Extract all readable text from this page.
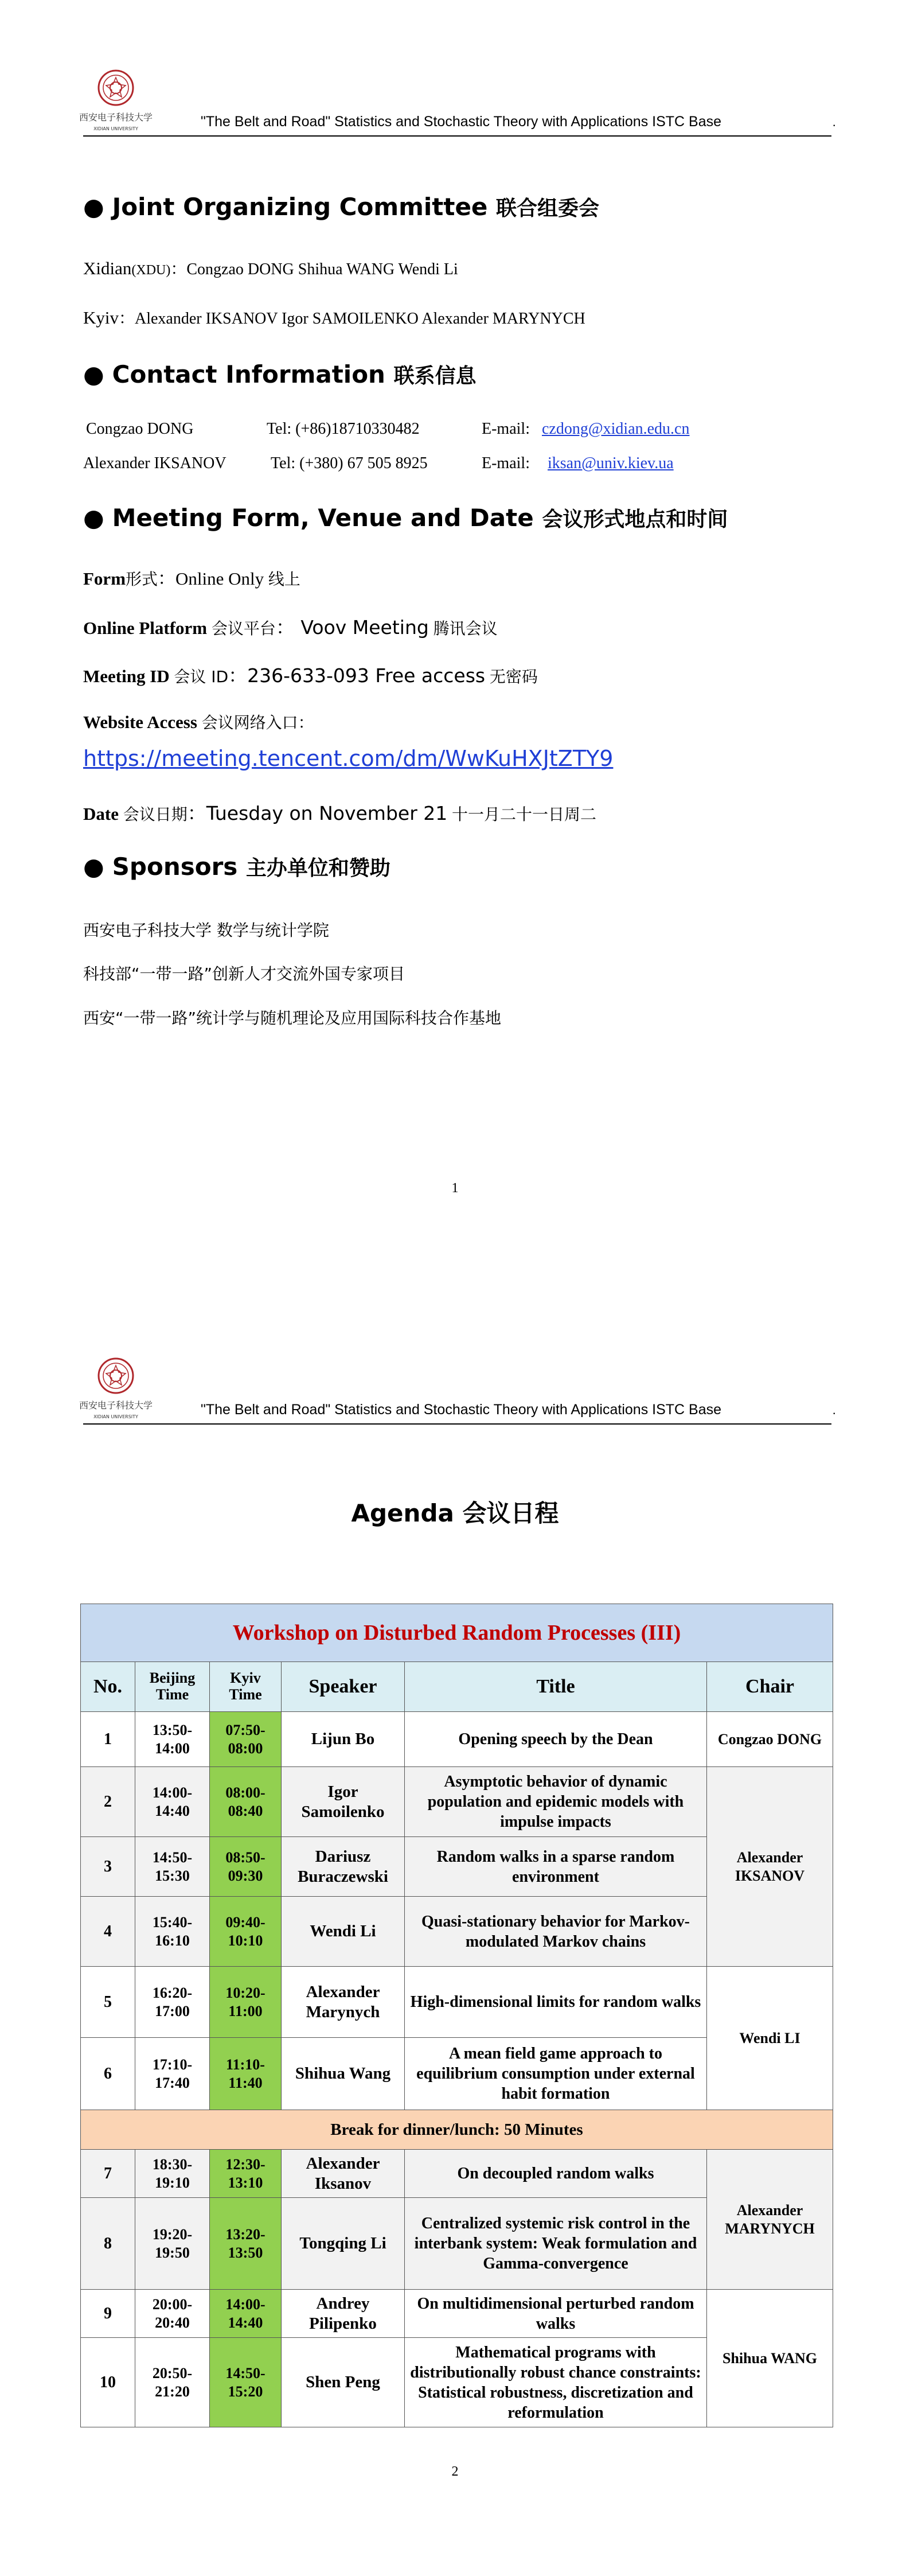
西安电子科技大学
XIDIAN UNIVERSITY	"The Belt and Road" Statistics and Stochastic Theory with Applications ISTC Base	.
● Joint Organizing Committee 联合组委会
Xidian(XDU)：Congzao DONG Shihua WANG Wendi Li
Kyiv：Alexander IKSANOV Igor SAMOILENKO Alexander MARYNYCH
● Contact Information 联系信息
Congzao DONG	Tel: (+86)18710330482	E-mail: czdong@xidian.edu.cn
Alexander IKSANOV	Tel: (+380) 67 505 8925	E-mail: iksan@univ.kiev.ua
● Meeting Form, Venue and Date 会议形式地点和时间
Form形式：Online Only 线上
Online Platform 会议平台： Voov Meeting 腾讯会议
Meeting ID 会议 ID：236-633-093 Free access 无密码
Website Access 会议网络入口：
https://meeting.tencent.com/dm/WwKuHXJtZTY9
Date 会议日期：Tuesday on November 21 十一月二十一日周二
● Sponsors 主办单位和赞助
西安电子科技大学 数学与统计学院
科技部“一带一路”创新人才交流外国专家项目
西安“一带一路”统计学与随机理论及应用国际科技合作基地
1
西安电子科技大学
XIDIAN UNIVERSITY	"The Belt and Road" Statistics and Stochastic Theory with Applications ISTC Base	.
Agenda 会议日程
Workshop on Disturbed Random Processes (III)					
No.	Beijing Time	Kyiv Time	Speaker	Title	Chair
1	13:50-14:00	07:50-08:00	Lijun Bo	Opening speech by the Dean	Congzao DONG
2	14:00-14:40	08:00-08:40	Igor Samoilenko	Asymptotic behavior of dynamic population and epidemic models with impulse impacts	Alexander IKSANOV
3	14:50-15:30	08:50-09:30	Dariusz Buraczewski	Random walks in a sparse random environment	
4	15:40-16:10	09:40-10:10	Wendi Li	Quasi-stationary behavior for Markov-modulated Markov chains	
5	16:20-17:00	10:20-11:00	Alexander Marynych	High-dimensional limits for random walks	Wendi LI
6	17:10-17:40	11:10-11:40	Shihua Wang	A mean field game approach to equilibrium consumption under external habit formation	
Break for dinner/lunch: 50 Minutes					
7	18:30-19:10	12:30-13:10	Alexander Iksanov	On decoupled random walks	Alexander MARYNYCH
8	19:20-19:50	13:20-13:50	Tongqing Li	Centralized systemic risk control in the interbank system: Weak formulation and Gamma-convergence	
9	20:00-20:40	14:00-14:40	Andrey Pilipenko	On multidimensional perturbed random walks	Shihua WANG
10	20:50-21:20	14:50-15:20	Shen Peng	Mathematical programs with distributionally robust chance constraints: Statistical robustness, discretization and reformulation	
2
